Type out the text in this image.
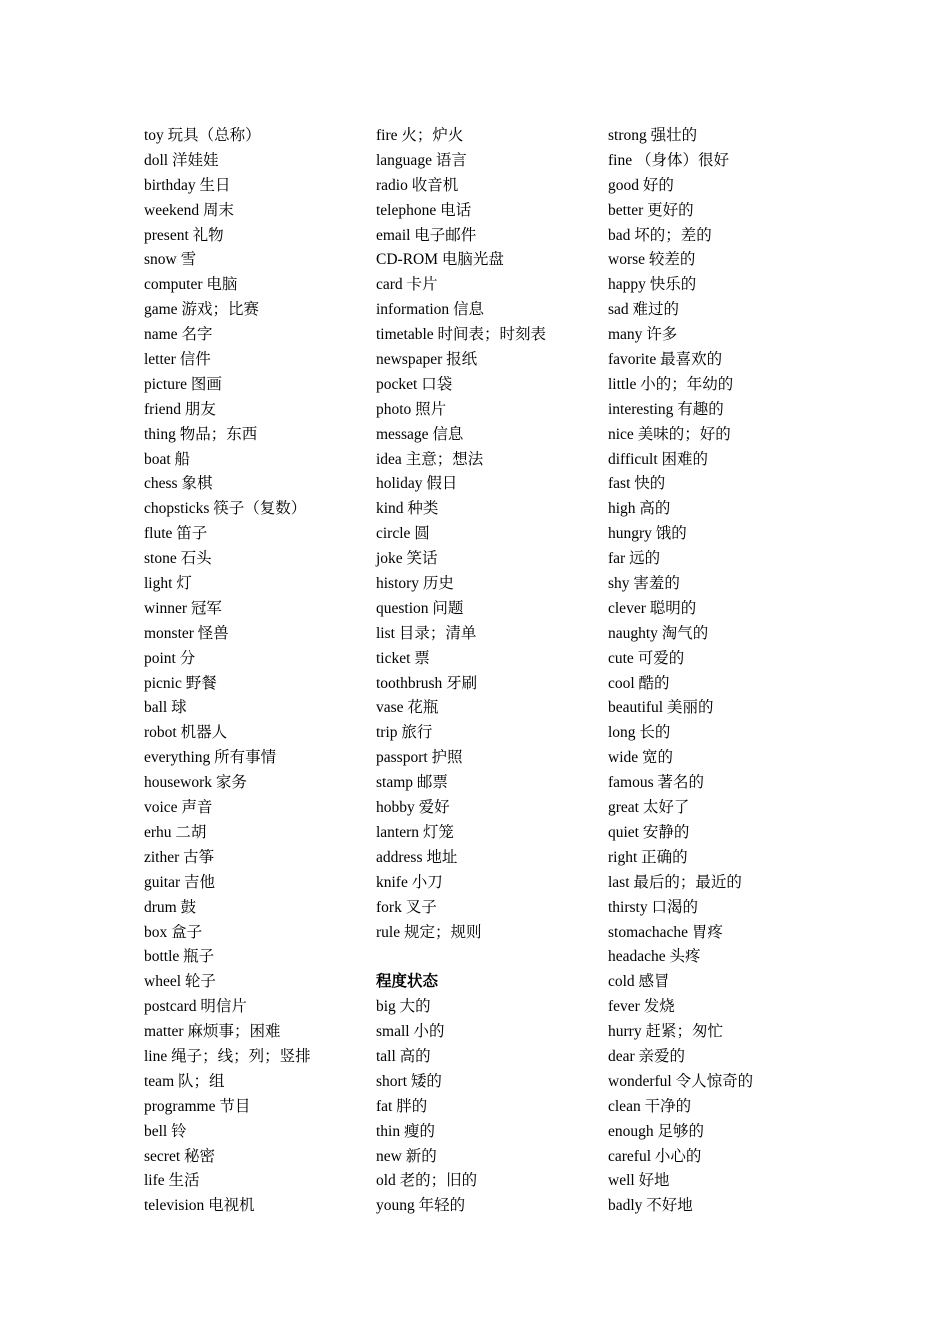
toy 玩具（总称）
doll 洋娃娃
birthday 生日
weekend 周末
present 礼物
snow 雪
computer 电脑
game 游戏；比赛
name 名字
letter 信件
picture 图画
friend 朋友
thing 物品；东西
boat 船
chess 象棋
chopsticks 筷子（复数）
flute 笛子
stone 石头
light 灯
winner 冠军
monster 怪兽
point 分
picnic 野餐
ball 球
robot 机器人
everything 所有事情
housework 家务
voice 声音
erhu 二胡
zither 古筝
guitar 吉他
drum 鼓
box 盒子
bottle 瓶子
wheel 轮子
postcard 明信片
matter 麻烦事；困难
line 绳子；线；列；竖排
team 队；组
programme 节目
bell 铃
secret 秘密
life 生活
television 电视机
fire 火；炉火
language 语言
radio 收音机
telephone 电话
email 电子邮件
CD-ROM 电脑光盘
card 卡片
information 信息
timetable 时间表；时刻表
newspaper 报纸
pocket 口袋
photo 照片
message 信息
idea 主意；想法
holiday 假日
kind 种类
circle 圆
joke 笑话
history 历史
question 问题
list 目录；清单
ticket 票
toothbrush 牙刷
vase 花瓶
trip 旅行
passport 护照
stamp 邮票
hobby 爱好
lantern 灯笼
address 地址
knife 小刀
fork 叉子
rule 规定；规则
程度状态
big 大的
small 小的
tall 高的
short 矮的
fat 胖的
thin 瘦的
new 新的
old 老的；旧的
young 年轻的
strong 强壮的
fine （身体）很好
good 好的
better 更好的
bad 坏的；差的
worse 较差的
happy 快乐的
sad 难过的
many 许多
favorite 最喜欢的
little 小的；年幼的
interesting 有趣的
nice 美味的；好的
difficult 困难的
fast 快的
high 高的
hungry 饿的
far 远的
shy 害羞的
clever 聪明的
naughty 淘气的
cute 可爱的
cool 酷的
beautiful 美丽的
long 长的
wide 宽的
famous 著名的
great 太好了
quiet 安静的
right 正确的
last 最后的；最近的
thirsty 口渴的
stomachache 胃疼
headache 头疼
cold 感冒
fever 发烧
hurry 赶紧；匆忙
dear 亲爱的
wonderful 令人惊奇的
clean 干净的
enough 足够的
careful 小心的
well 好地
badly 不好地
